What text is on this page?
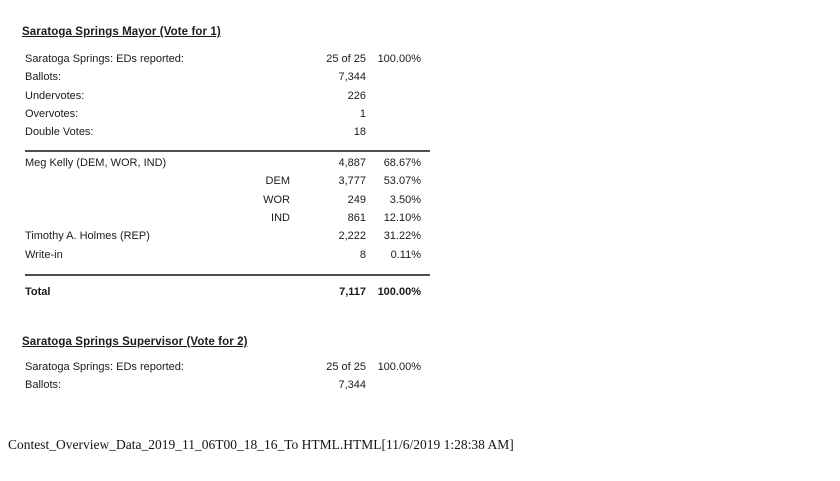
Saratoga Springs Mayor (Vote for 1)
Saratoga Springs: EDs reported:	25 of 25	100.00%
Ballots:	7,344
Undervotes:	226
Overvotes:	1
Double Votes:	18
Meg Kelly (DEM, WOR, IND)	4,887	68.67%
DEM	3,777	53.07%
WOR	249	3.50%
IND	861	12.10%
Timothy A. Holmes (REP)	2,222	31.22%
Write-in	8	0.11%
Total	7,117	100.00%
Saratoga Springs Supervisor (Vote for 2)
Saratoga Springs: EDs reported:	25 of 25	100.00%
Ballots:	7,344
Contest_Overview_Data_2019_11_06T00_18_16_To HTML.HTML[11/6/2019 1:28:38 AM]
